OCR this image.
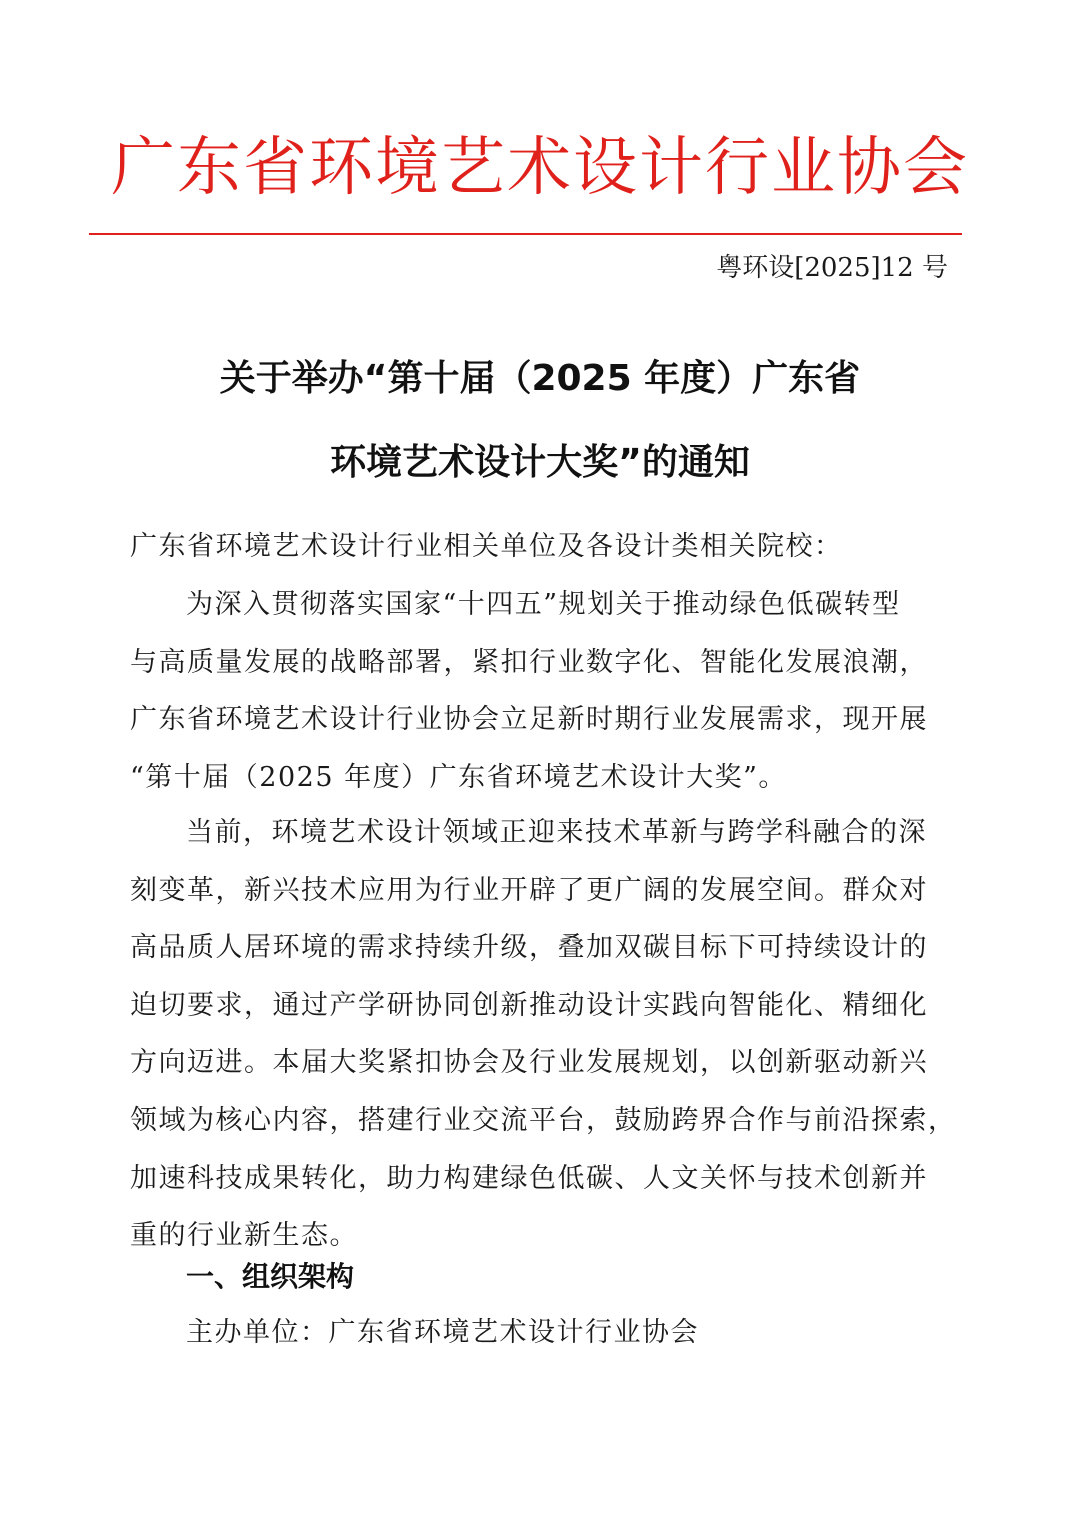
广东省环境艺术设计行业协会
粤环设[2025]12 号
关于举办“第十届（2025 年度）广东省
环境艺术设计大奖”的通知
广东省环境艺术设计行业相关单位及各设计类相关院校：
为深入贯彻落实国家“十四五”规划关于推动绿色低碳转型
与高质量发展的战略部署，紧扣行业数字化、智能化发展浪潮，
广东省环境艺术设计行业协会立足新时期行业发展需求，现开展
“第十届（2025 年度）广东省环境艺术设计大奖”。
当前，环境艺术设计领域正迎来技术革新与跨学科融合的深
刻变革，新兴技术应用为行业开辟了更广阔的发展空间。群众对
高品质人居环境的需求持续升级，叠加双碳目标下可持续设计的
迫切要求，通过产学研协同创新推动设计实践向智能化、精细化
方向迈进。本届大奖紧扣协会及行业发展规划，以创新驱动新兴
领域为核心内容，搭建行业交流平台，鼓励跨界合作与前沿探索，
加速科技成果转化，助力构建绿色低碳、人文关怀与技术创新并
重的行业新生态。
一、组织架构
主办单位：广东省环境艺术设计行业协会
